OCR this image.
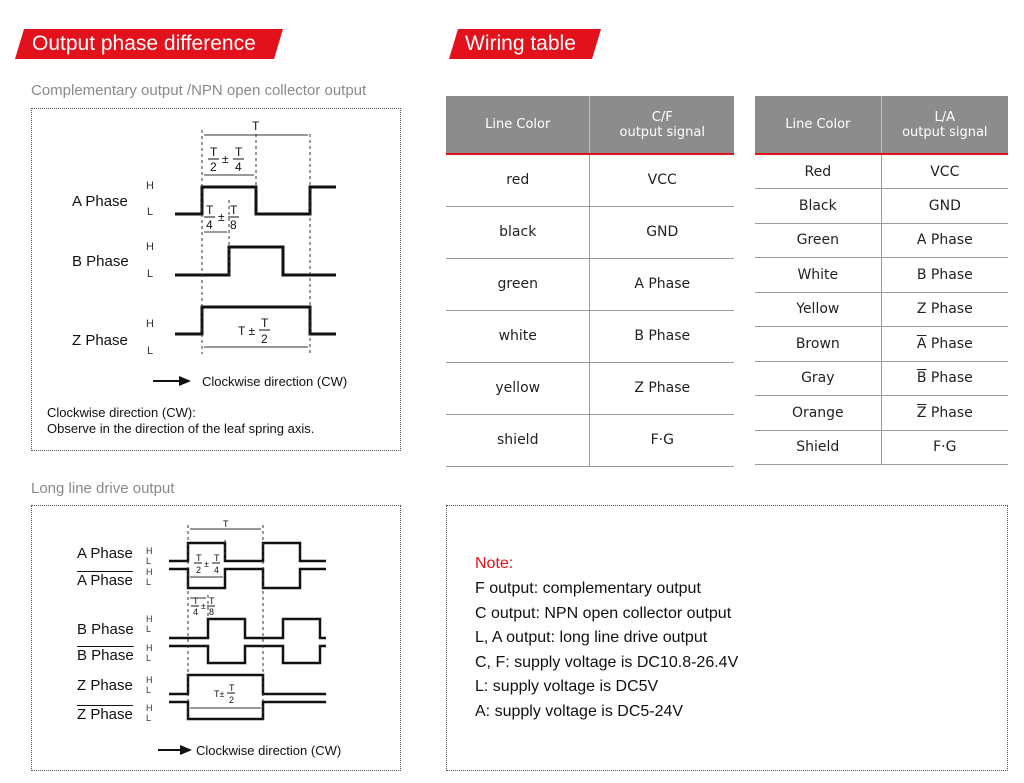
Output phase difference	Wiring table
Complementary output /NPN open collector output
Long line drive output
T
T
2
± T
4
T
4
± T
8
T ±
T
2
A Phase
B Phase
Z Phase
H
L
H
L
H
L
Clockwise direction (CW)
Clockwise direction (CW):
Observe in the direction of the leaf spring axis.
T
T
2
±
T
4
T
4
± T
8
T±
T
2
A Phase
A Phase
B Phase
B Phase
Z Phase
Z Phase
H
L
H
L
H
L
H
L
H
L
H
L
Clockwise direction (CW)
Line Color	C/F
output signal
red	VCC
black	GND
green	A Phase
white	B Phase
yellow	Z Phase
shield	F·G
Line Color	L/A
output signal
Red	VCC
Black	GND
Green	A Phase
White	B Phase
Yellow	Z Phase
Brown	$\overline{A}$ Phase
Gray	$\overline{B}$ Phase
Orange	$\overline{Z}$ Phase
Shield	F·G
Note:
F output: complementary output
C output: NPN open collector output
L, A output: long line drive output
C, F: supply voltage is DC10.8-26.4V
L: supply voltage is DC5V
A: supply voltage is DC5-24V
